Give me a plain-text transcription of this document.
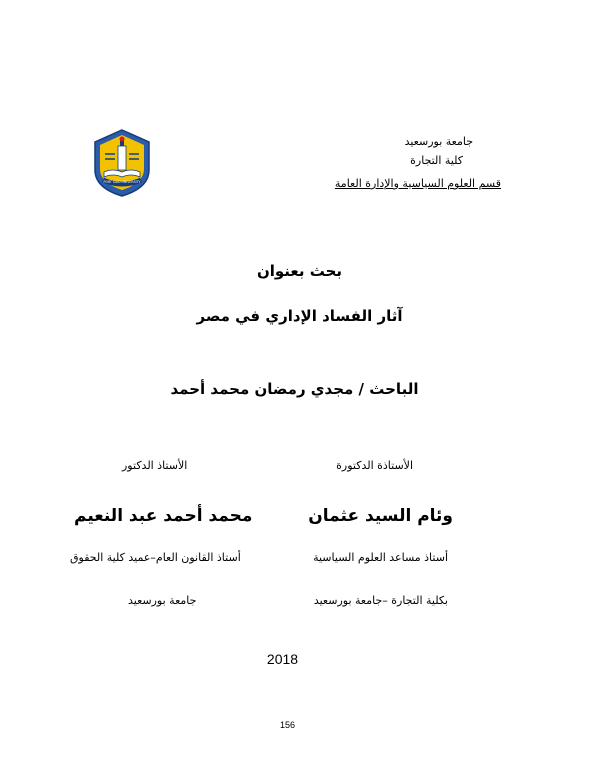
PORT SAID UNIVERSITY
جامعة بورسعيد
كلية التجارة
قسم العلوم السياسية والإدارة العامة
بحث بعنوان
آثار الفساد الإداري في مصر
الباحث / مجدي رمضان محمد أحمد
الأستاذة الدكتورة
الأستاذ الدكتور
وئام السيد عثمان
محمد أحمد عبد النعيم
أستاذ مساعد العلوم السياسية
أستاذ القانون العام–عميد كلية الحقوق
بكلية التجارة –جامعة بورسعيد
جامعة بورسعيد
2018
156
